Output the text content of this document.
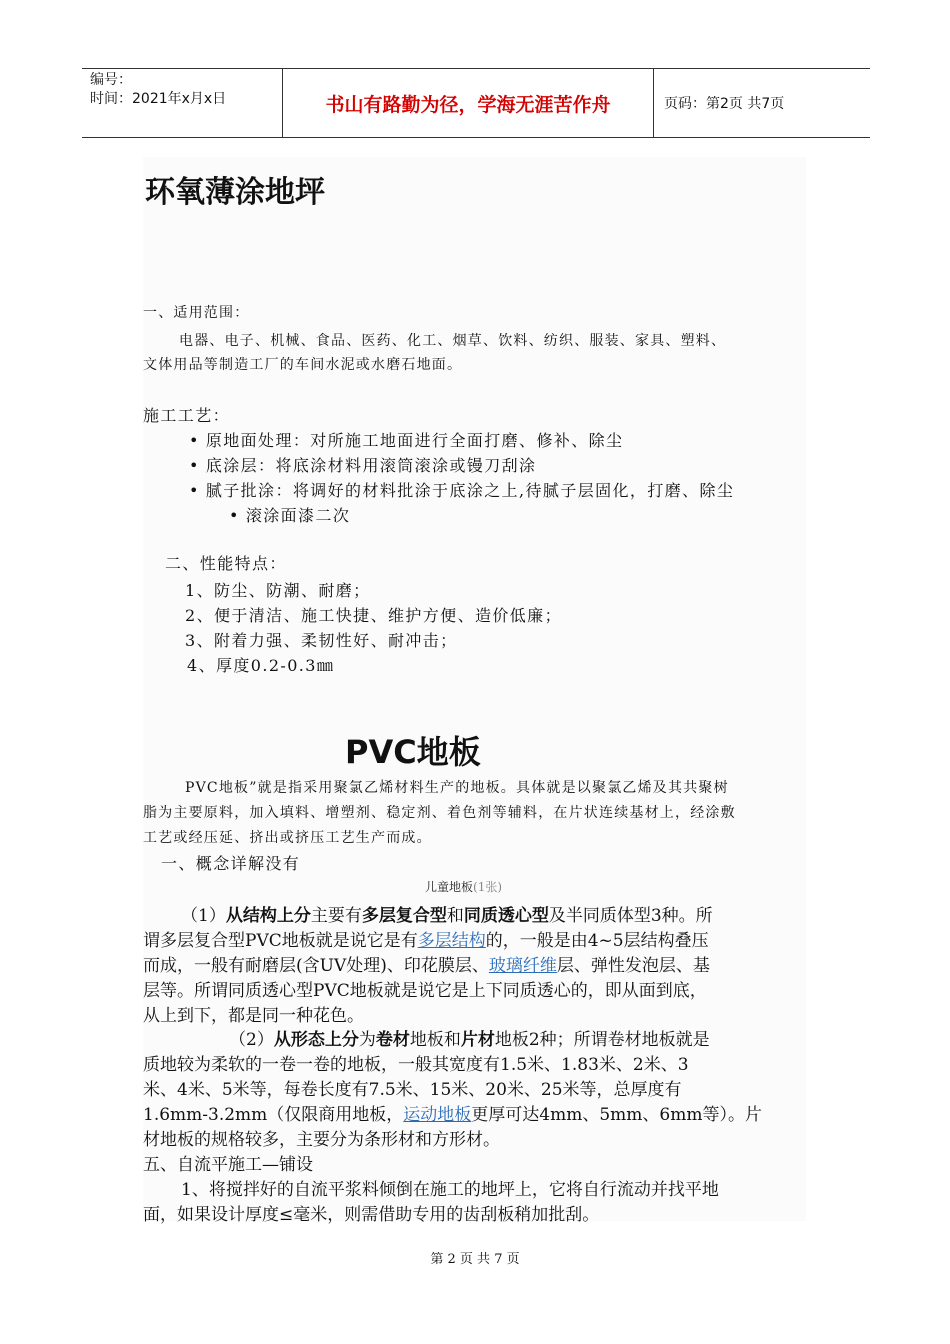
编号：
时间：2021年x月x日	书山有路勤为径，学海无涯苦作舟	页码：第2页 共7页
环氧薄涂地坪
一、适用范围：
电器、电子、机械、食品、医药、化工、烟草、饮料、纺织、服装、家具、塑料、
文体用品等制造工厂的车间水泥或水磨石地面。
施工工艺：
• 原地面处理：对所施工地面进行全面打磨、修补、除尘
• 底涂层：将底涂材料用滚筒滚涂或镘刀刮涂
• 腻子批涂：将调好的材料批涂于底涂之上,待腻子层固化，打磨、除尘
• 滚涂面漆二次
二、性能特点：
1、防尘、防潮、耐磨；
2、便于清洁、施工快捷、维护方便、造价低廉；
3、附着力强、柔韧性好、耐冲击；
4、厚度0.2-0.3㎜
PVC地板
PVC地板”就是指采用聚氯乙烯材料生产的地板。具体就是以聚氯乙烯及其共聚树
脂为主要原料，加入填料、增塑剂、稳定剂、着色剂等辅料，在片状连续基材上，经涂敷
工艺或经压延、挤出或挤压工艺生产而成。
一、概念详解没有
儿童地板(1张)
（1）从结构上分主要有多层复合型和同质透心型及半同质体型3种。所
谓多层复合型PVC地板就是说它是有多层结构的，一般是由4~5层结构叠压
而成，一般有耐磨层(含UV处理)、印花膜层、玻璃纤维层、弹性发泡层、基
层等。所谓同质透心型PVC地板就是说它是上下同质透心的，即从面到底，
从上到下，都是同一种花色。
（2）从形态上分为卷材地板和片材地板2种；所谓卷材地板就是
质地较为柔软的一卷一卷的地板，一般其宽度有1.5米、1.83米、2米、3
米、4米、5米等，每卷长度有7.5米、15米、20米、25米等，总厚度有
1.6mm-3.2mm（仅限商用地板，运动地板更厚可达4mm、5mm、6mm等）。片
材地板的规格较多，主要分为条形材和方形材。
五、自流平施工—铺设
1、将搅拌好的自流平浆料倾倒在施工的地坪上，它将自行流动并找平地
面，如果设计厚度≤毫米，则需借助专用的齿刮板稍加批刮。
第 2 页 共 7 页
